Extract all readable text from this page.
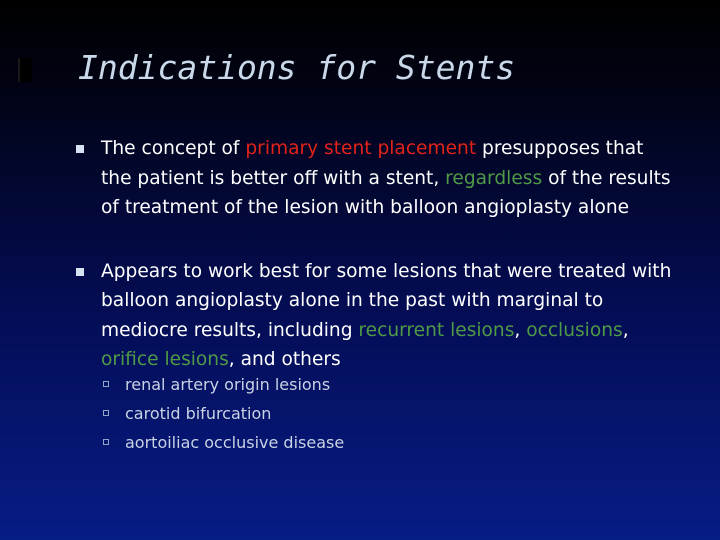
Indications for Stents
The concept of primary stent placement presupposes that the patient is better off with a stent, regardless of the results of treatment of the lesion with balloon angioplasty alone
Appears to work best for some lesions that were treated with balloon angioplasty alone in the past with marginal to mediocre results, including recurrent lesions, occlusions, orifice lesions, and others
renal artery origin lesions
carotid bifurcation
aortoiliac occlusive disease
